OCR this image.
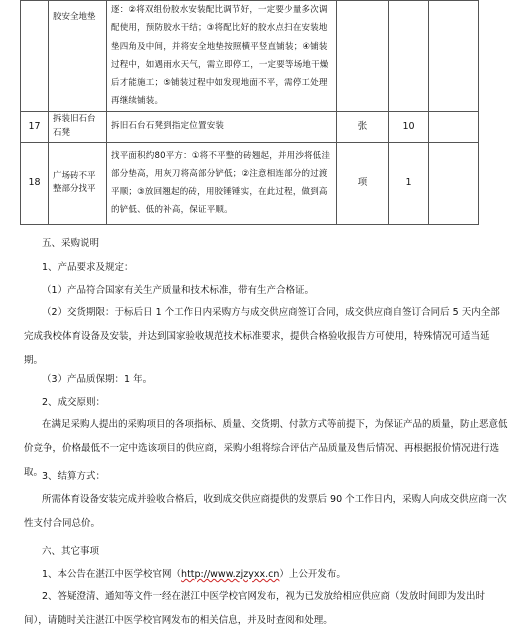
	胶安全地垫	逐：②将双组份胶水安装配比调节好，一定要少量多次调配使用，预防胶水干结；③将配比好的胶水点扫在安装地垫四角及中间，并将安全地垫按照横平竖直铺装；④铺装过程中，如遇雨水天气，需立即停工，一定要等场地干燥后才能施工；⑤铺装过程中如发现地面不平，需停工处理再继续铺装。			
17	拆装旧石台石凳	拆旧石台石凳到指定位置安装	张	10	
18	广场砖不平整部分找平	找平面积约80平方：①将不平整的砖翘起，并用沙将低洼部分垫高，用灰刀将高部分铲低；②注意相连部分的过渡平顺；③放回翘起的砖，用胶锤锤实，在此过程，做到高的铲低、低的补高，保证平顺。	项	1	
五、采购说明
1、产品要求及规定：
（1）产品符合国家有关生产质量和技术标准，带有生产合格证。
（2）交货期限：于标后日 1 个工作日内采购方与成交供应商签订合同，成交供应商自签订合同后 5 天内全部完成我校体育设备及安装，并达到国家验收规范技术标准要求，提供合格验收报告方可使用，特殊情况可适当延期。
（3）产品质保期：1 年。
2、成交原则：
在满足采购人提出的采购项目的各项指标、质量、交货期、付款方式等前提下，为保证产品的质量，防止恶意低价竞争，价格最低不一定中选该项目的供应商，采购小组将综合评估产品质量及售后情况、再根据报价情况进行选取。
3、结算方式：
所需体育设备安装完成并验收合格后，收到成交供应商提供的发票后 90 个工作日内，采购人向成交供应商一次性支付合同总价。
六、其它事项
1、本公告在湛江中医学校官网（http://www.zjzyxx.cn）上公开发布。
2、答疑澄清、通知等文件一经在湛江中医学校官网发布，视为已发放给相应供应商（发放时间即为发出时间），请随时关注湛江中医学校官网发布的相关信息，并及时查阅和处理。
